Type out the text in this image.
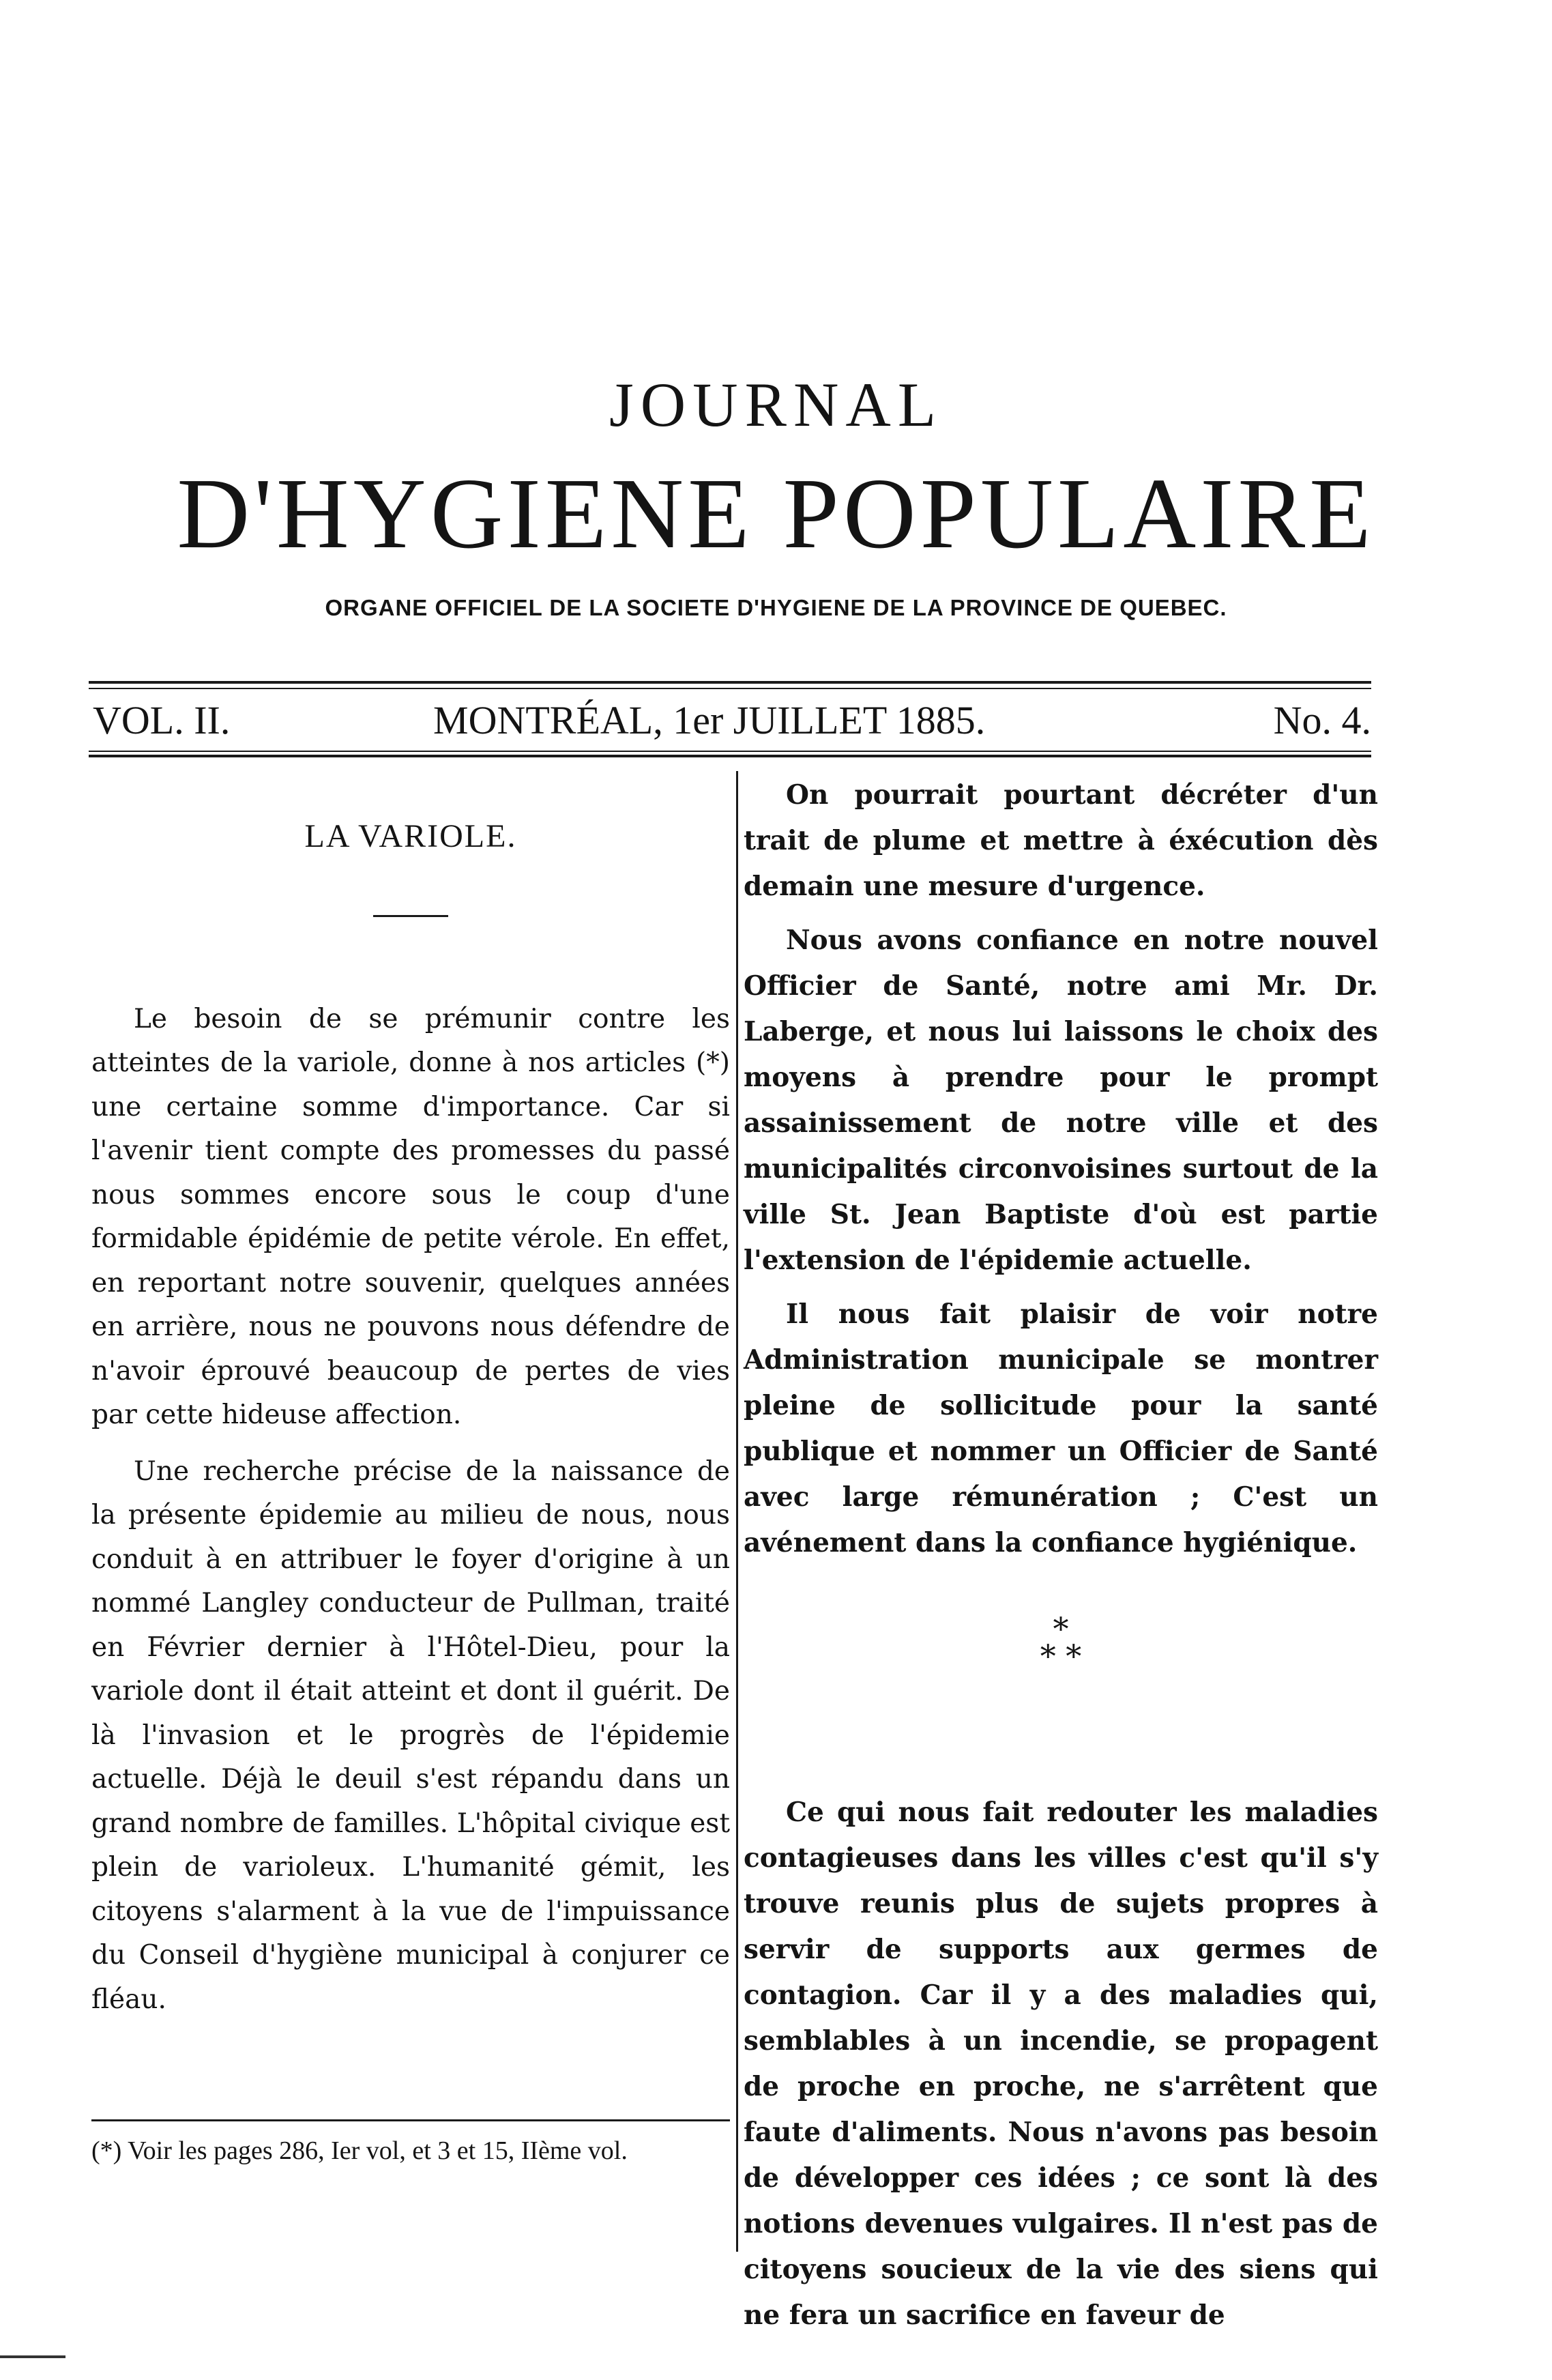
JOURNAL
D'HYGIENE POPULAIRE
ORGANE OFFICIEL DE LA SOCIETE D'HYGIENE DE LA PROVINCE DE QUEBEC.
VOL. II.	MONTRÉAL, 1er JUILLET 1885.	No. 4.
LA VARIOLE.

Le besoin de se prémunir contre les atteintes de la variole, donne à nos articles (*) une certaine somme d'importance. Car si l'avenir tient compte des promesses du passé nous sommes encore sous le coup d'une formidable épidémie de petite vérole. En effet, en reportant notre souvenir, quelques années en arrière, nous ne pouvons nous défendre de n'avoir éprouvé beaucoup de pertes de vies par cette hideuse affection.

Une recherche précise de la naissance de la présente épidemie au milieu de nous, nous conduit à en attribuer le foyer d'origine à un nommé Langley conducteur de Pullman, traité en Février dernier à l'Hôtel-Dieu, pour la variole dont il était atteint et dont il guérit. De là l'invasion et le progrès de l'épidemie actuelle. Déjà le deuil s'est répandu dans un grand nombre de familles. L'hôpital civique est plein de varioleux. L'humanité gémit, les citoyens s'alarment à la vue de l'impuissance du Conseil d'hygiène municipal à conjurer ce fléau.

(*) Voir les pages 286, Ier vol, et 3 et 15, IIème vol.

On pourrait pourtant décréter d'un trait de plume et mettre à éxécution dès demain une mesure d'urgence.

Nous avons confiance en notre nouvel Officier de Santé, notre ami Mr. Dr. Laberge, et nous lui laissons le choix des moyens à prendre pour le prompt assainissement de notre ville et des municipalités circonvoisines surtout de la ville St. Jean Baptiste d'où est partie l'extension de l'épidemie actuelle.

Il nous fait plaisir de voir notre Administration municipale se montrer pleine de sollicitude pour la santé publique et nommer un Officier de Santé avec large rémunération ; C'est un avénement dans la confiance hygiénique.

*
* *

Ce qui nous fait redouter les maladies contagieuses dans les villes c'est qu'il s'y trouve reunis plus de sujets propres à servir de supports aux germes de contagion. Car il y a des maladies qui, semblables à un incendie, se propagent de proche en proche, ne s'arrêtent que faute d'aliments. Nous n'avons pas besoin de développer ces idées ; ce sont là des notions devenues vulgaires. Il n'est pas de citoyens soucieux de la vie des siens qui ne fera un sacrifice en faveur de
